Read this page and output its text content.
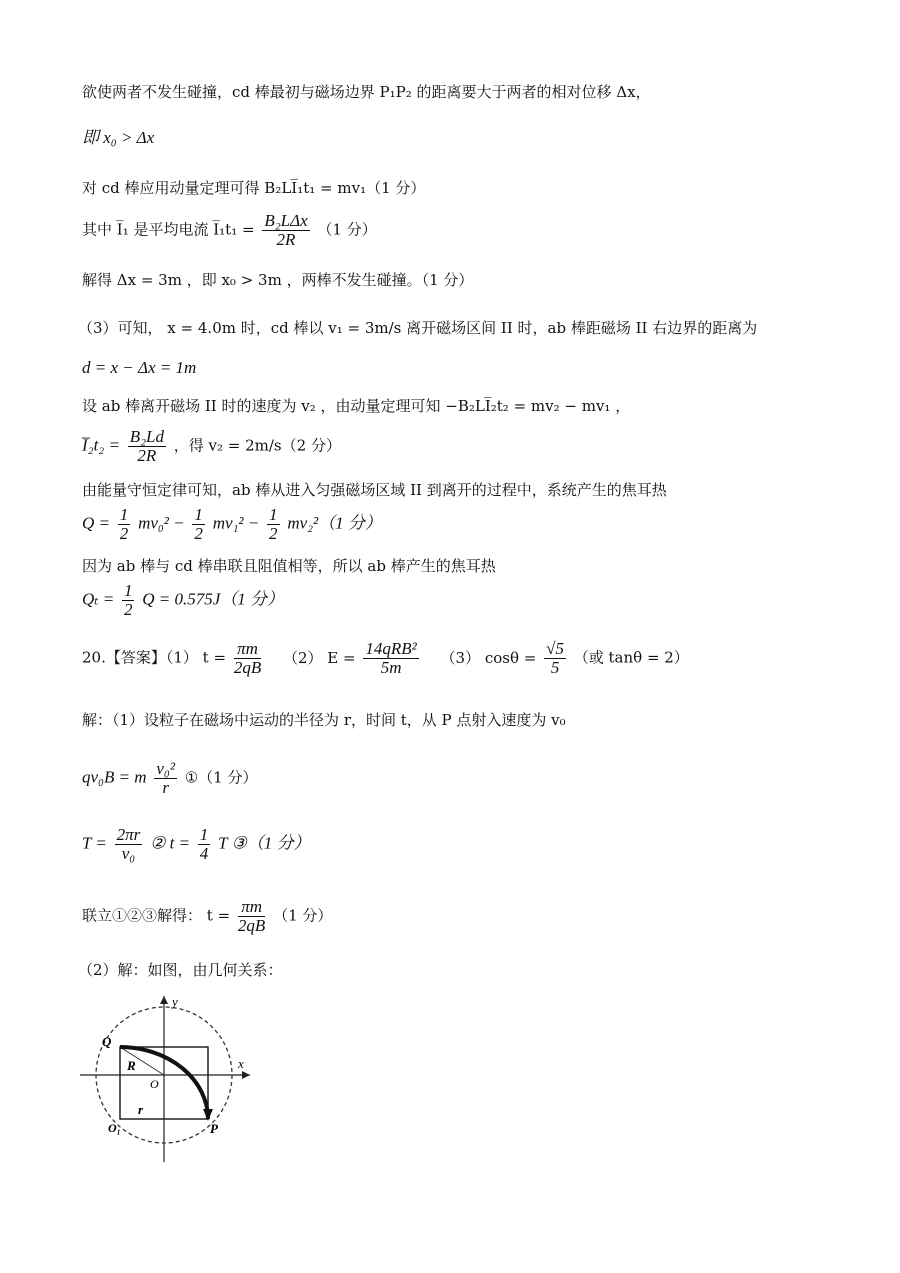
欲使两者不发生碰撞，cd 棒最初与磁场边界 P₁P₂ 的距离要大于两者的相对位移 Δx，
即 x₀ > Δx
对 cd 棒应用动量定理可得 B₂LI̅₁t₁ = mv₁（1 分）
其中 I̅₁ 是平均电流 I̅₁t₁ = $\frac{\text{B₂LΔx}}{2R} (1$ 分）
解得 Δx = 3m ，即 x₀ > 3m ，两棒不发生碰撞。（1 分）
（3）可知， x = 4.0m 时，cd 棒以 v₁ = 3m/s 离开磁场区间 II 时，ab 棒距磁场 II 右边界的距离为
d = x − Δx = 1m
设 ab 棒离开磁场 II 时的速度为 v₂ ，由动量定理可知 −B₂LI̅₂t₂ = mv₂ − mv₁ ，
I̅₂t₂ = $\frac{\text{B₂Ld}}{2R}$ ，得 v₂ = 2m/s（2 分）
由能量守恒定律可知，ab 棒从进入匀强磁场区域 II 到离开的过程中，系统产生的焦耳热
$Q = \frac{1}{2} mv_0^2 - \frac{1}{2} mv_1^2 - \frac{1}{2} mv_2^2(1$ 分）
因为 ab 棒与 cd 棒串联且阻值相等，所以 ab 棒产生的焦耳热
$Q_t = \frac{1}{2}$ Q = 0.575J（1 分）
20.【答案】（1） $t = \frac{\pi m}{2qB} (2) E = \frac{\text{14qRB²}}{5m} (3) \cos\theta = \frac{√5}{5}$ （或 tanθ = 2）
解：（1）设粒子在磁场中运动的半径为 r，时间 t，从 P 点射入速度为 v₀
qv₀B = m $\frac{\text{v₀²}}{r}$ ①（1 分）
$T = \frac{2\pi r}{\text{v₀}}$ ② $t = \frac{1}{4}$ T ③（1 分）
联立①②③解得： $t = \frac{\pi m}{2qB} (1$ 分）
（2）解：如图，由几何关系：
y
x
Q
R
O
r
O₁	P
